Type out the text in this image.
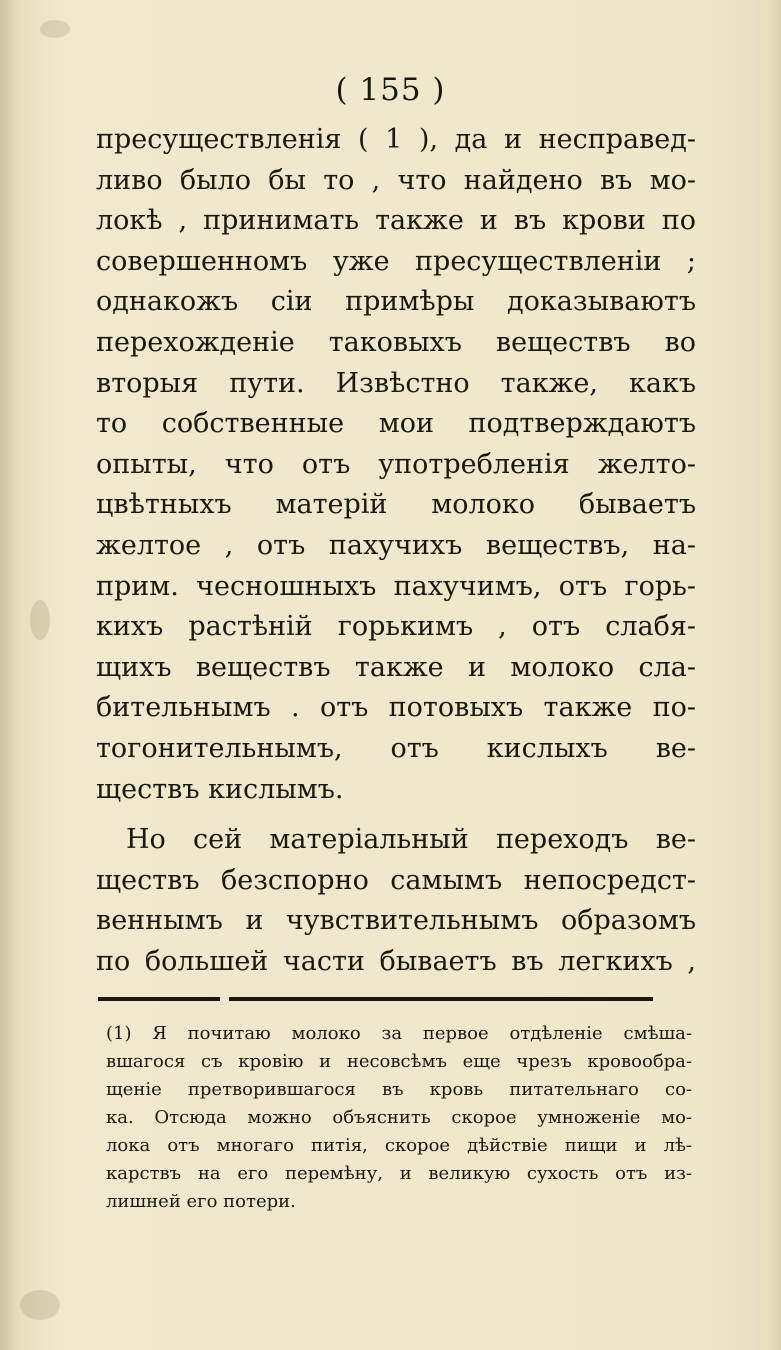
( 155 )
пресуществленія ( 1 ), да и несправед-
ливо было бы то , что найдено въ мо-
локѣ , принимать также и въ крови по
совершенномъ уже пресуществленіи ;
однакожъ сіи примѣры доказываютъ
перехожденіе таковыхъ веществъ во
вторыя пути. Извѣстно также, какъ
то собственные мои подтверждаютъ
опыты, что отъ употребленія желто-
цвѣтныхъ матерій молоко бываетъ
желтое , отъ пахучихъ веществъ, на-
прим. чесношныхъ пахучимъ, отъ горь-
кихъ растѣній горькимъ , отъ слабя-
щихъ веществъ также и молоко сла-
бительнымъ . отъ потовыхъ также по-
тогонительнымъ, отъ кислыхъ ве-
ществъ кислымъ.
Но сей матеріальный переходъ ве-
ществъ безспорно самымъ непосредст-
веннымъ и чувствительнымъ образомъ
по большей части бываетъ въ легкихъ ,
(1) Я почитаю молоко за первое отдѣленіе смѣша-
вшагося съ кровію и несовсѣмъ еще чрезъ кровообра-
щеніе претворившагося въ кровь питательнаго со-
ка. Отсюда можно объяснить скорое умноженіе мо-
лока отъ многаго питія, скорое дѣйствіе пищи и лѣ-
карствъ на его перемѣну, и великую сухость отъ из-
лишней его потери.
